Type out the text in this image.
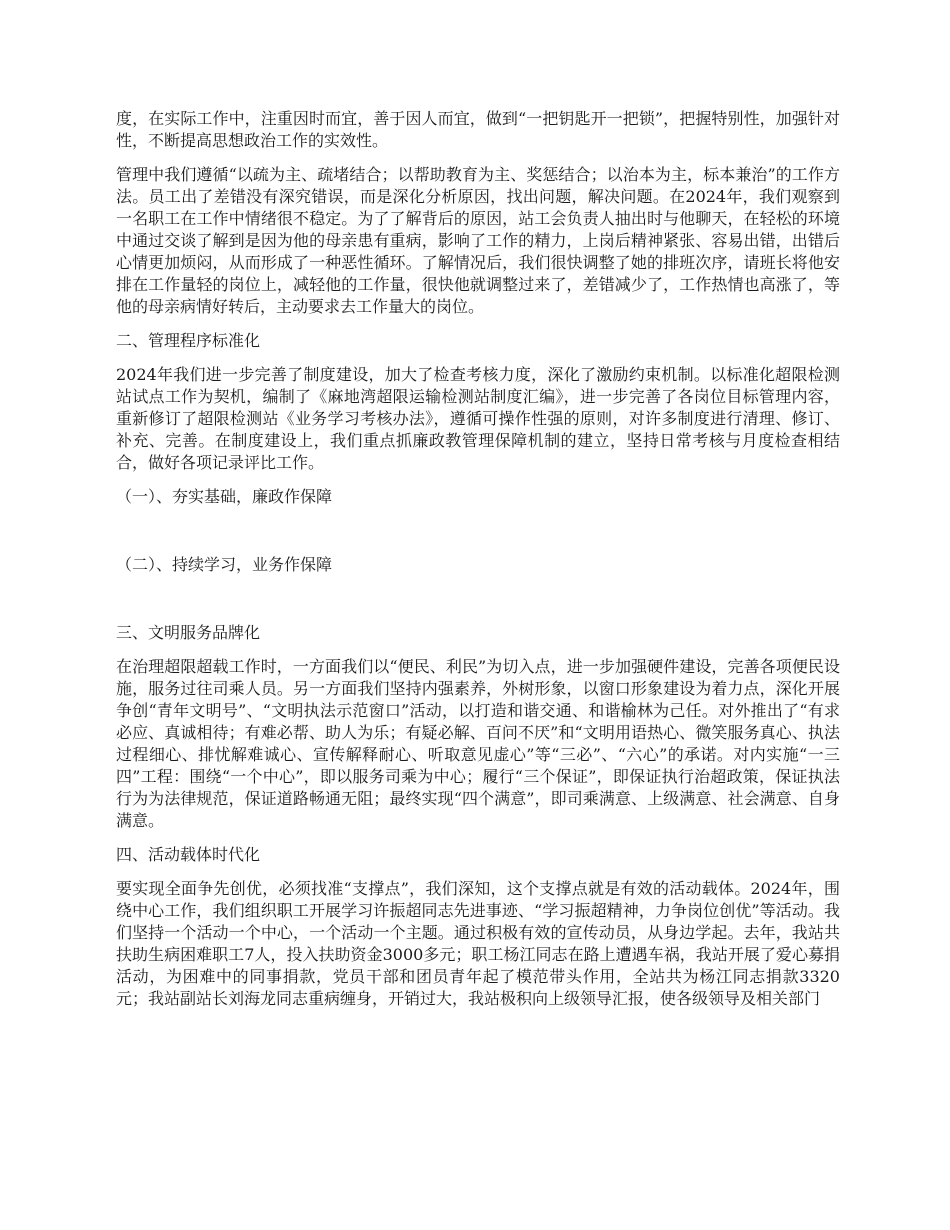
度，在实际工作中，注重因时而宜，善于因人而宜，做到“一把钥匙开一把锁”，把握特别性，加强针对性，不断提高思想政治工作的实效性。

管理中我们遵循“以疏为主、疏堵结合；以帮助教育为主、奖惩结合；以治本为主，标本兼治”的工作方法。员工出了差错没有深究错误，而是深化分析原因，找出问题，解决问题。在2024年，我们观察到一名职工在工作中情绪很不稳定。为了了解背后的原因，站工会负责人抽出时与他聊天，在轻松的环境中通过交谈了解到是因为他的母亲患有重病，影响了工作的精力，上岗后精神紧张、容易出错，出错后心情更加烦闷，从而形成了一种恶性循环。了解情况后，我们很快调整了她的排班次序，请班长将他安排在工作量轻的岗位上，减轻他的工作量，很快他就调整过来了，差错减少了，工作热情也高涨了，等他的母亲病情好转后，主动要求去工作量大的岗位。

二、管理程序标准化

2024年我们进一步完善了制度建设，加大了检查考核力度，深化了激励约束机制。以标准化超限检测站试点工作为契机，编制了《麻地湾超限运输检测站制度汇编》，进一步完善了各岗位目标管理内容，重新修订了超限检测站《业务学习考核办法》，遵循可操作性强的原则，对许多制度进行清理、修订、补充、完善。在制度建设上，我们重点抓廉政教管理保障机制的建立，坚持日常考核与月度检查相结合，做好各项记录评比工作。

（一）、夯实基础，廉政作保障

（二）、持续学习，业务作保障

三、文明服务品牌化

在治理超限超载工作时，一方面我们以“便民、利民”为切入点，进一步加强硬件建设，完善各项便民设施，服务过往司乘人员。另一方面我们坚持内强素养，外树形象，以窗口形象建设为着力点，深化开展争创“青年文明号”、“文明执法示范窗口”活动，以打造和谐交通、和谐榆林为己任。对外推出了“有求必应、真诚相待；有难必帮、助人为乐；有疑必解、百问不厌”和“文明用语热心、微笑服务真心、执法过程细心、排忧解难诚心、宣传解释耐心、听取意见虚心”等“三必”、“六心”的承诺。对内实施“一三四”工程：围绕“一个中心”，即以服务司乘为中心；履行“三个保证”，即保证执行治超政策，保证执法行为为法律规范，保证道路畅通无阻；最终实现“四个满意”，即司乘满意、上级满意、社会满意、自身满意。

四、活动载体时代化

要实现全面争先创优，必须找准“支撑点”，我们深知，这个支撑点就是有效的活动载体。2024年，围绕中心工作，我们组织职工开展学习许振超同志先进事迹、“学习振超精神，力争岗位创优”等活动。我们坚持一个活动一个中心，一个活动一个主题。通过积极有效的宣传动员，从身边学起。去年，我站共扶助生病困难职工7人，投入扶助资金3000多元；职工杨江同志在路上遭遇车祸，我站开展了爱心募捐活动，为困难中的同事捐款，党员干部和团员青年起了模范带头作用，全站共为杨江同志捐款3320元；我站副站长刘海龙同志重病缠身，开销过大，我站极积向上级领导汇报，使各级领导及相关部门
